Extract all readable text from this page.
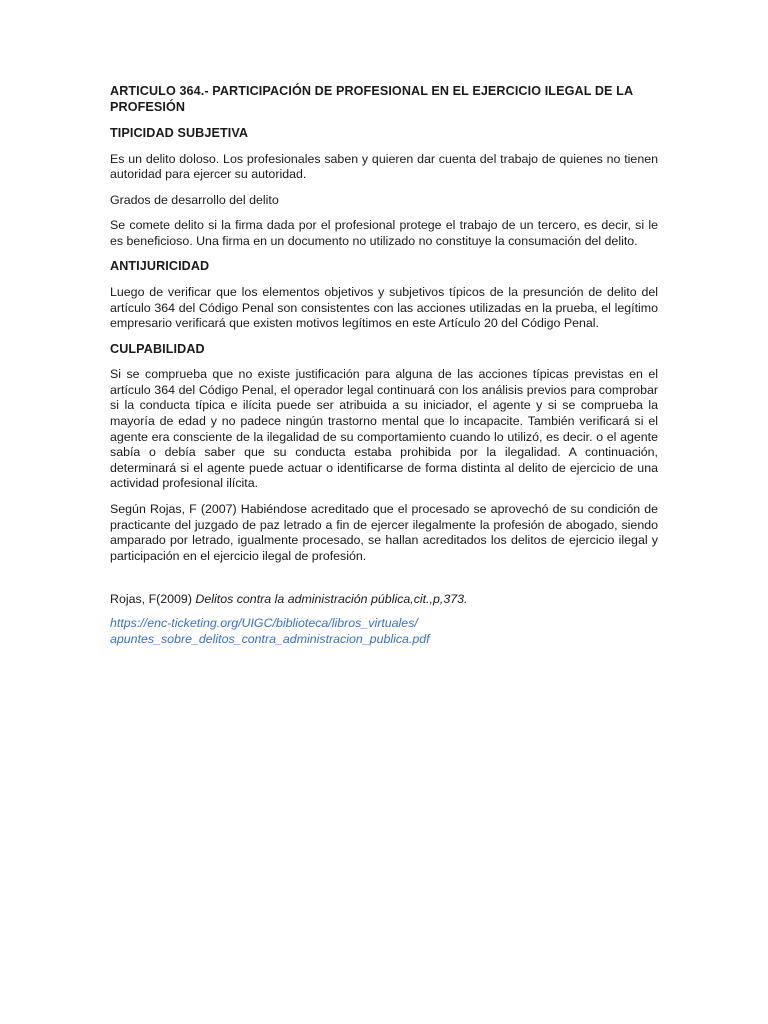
ARTICULO 364.- PARTICIPACIÓN DE PROFESIONAL EN EL EJERCICIO ILEGAL DE LA PROFESIÓN

TIPICIDAD SUBJETIVA

Es un delito doloso. Los profesionales saben y quieren dar cuenta del trabajo de quienes no tienen autoridad para ejercer su autoridad.

Grados de desarrollo del delito

Se comete delito si la firma dada por el profesional protege el trabajo de un tercero, es decir, si le es beneficioso. Una firma en un documento no utilizado no constituye la consumación del delito.

ANTIJURICIDAD

Luego de verificar que los elementos objetivos y subjetivos típicos de la presunción de delito del artículo 364 del Código Penal son consistentes con las acciones utilizadas en la prueba, el legítimo empresario verificará que existen motivos legítimos en este Artículo 20 del Código Penal.

CULPABILIDAD

Si se comprueba que no existe justificación para alguna de las acciones típicas previstas en el artículo 364 del Código Penal, el operador legal continuará con los análisis previos para comprobar si la conducta típica e ilícita puede ser atribuida a su iniciador, el agente y si se comprueba la mayoría de edad y no padece ningún trastorno mental que lo incapacite. También verificará si el agente era consciente de la ilegalidad de su comportamiento cuando lo utilizó, es decir. o el agente sabía o debía saber que su conducta estaba prohibida por la ilegalidad. A continuación, determinará si el agente puede actuar o identificarse de forma distinta al delito de ejercicio de una actividad profesional ilícita.

Según Rojas, F (2007) Habiéndose acreditado que el procesado se aprovechó de su condición de practicante del juzgado de paz letrado a fin de ejercer ilegalmente la profesión de abogado, siendo amparado por letrado, igualmente procesado, se hallan acreditados los delitos de ejercicio ilegal y participación en el ejercicio ilegal de profesión.

Rojas, F(2009) Delitos contra la administración pública,cit.,p,373.

https://enc-ticketing.org/UIGC/biblioteca/libros_virtuales/
apuntes_sobre_delitos_contra_administracion_publica.pdf
